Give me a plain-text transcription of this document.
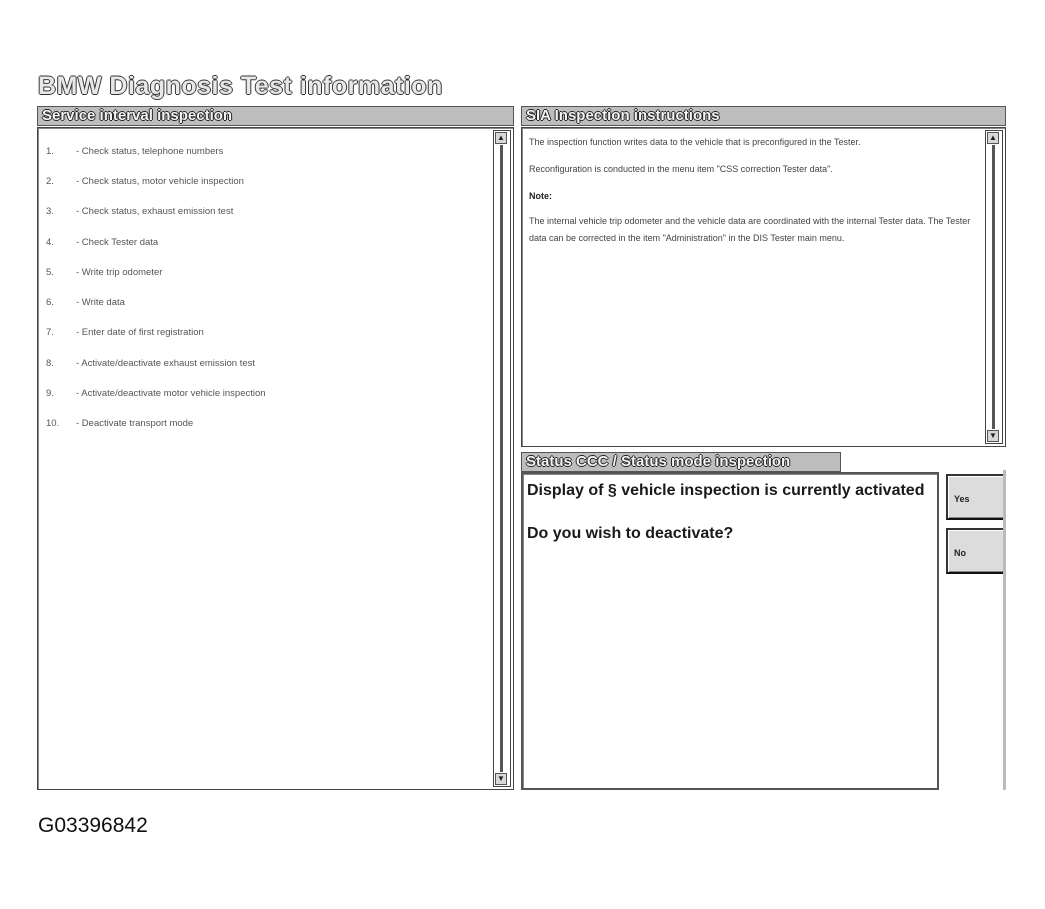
BMW Diagnosis Test information
Service interval inspection
1.	- Check status, telephone numbers
2.	- Check status, motor vehicle inspection
3.	- Check status, exhaust emission test
4.	- Check Tester data
5.	- Write trip odometer
6.	- Write data
7.	- Enter date of first registration
8.	- Activate/deactivate exhaust emission test
9.	- Activate/deactivate motor vehicle inspection
10.	- Deactivate transport mode
▲
▼
SIA Inspection instructions

The inspection function writes data to the vehicle that is preconfigured in the Tester.

Reconfiguration is conducted in the menu item "CSS correction Tester data".

Note:

The internal vehicle trip odometer and the vehicle data are coordinated with the internal Tester data. The Tester data can be corrected in the item "Administration" in the DIS Tester main menu.

▲
▼
Status CCC / Status mode inspection

Display of § vehicle inspection is currently activated

Do you wish to deactivate?

Yes
No
G03396842
